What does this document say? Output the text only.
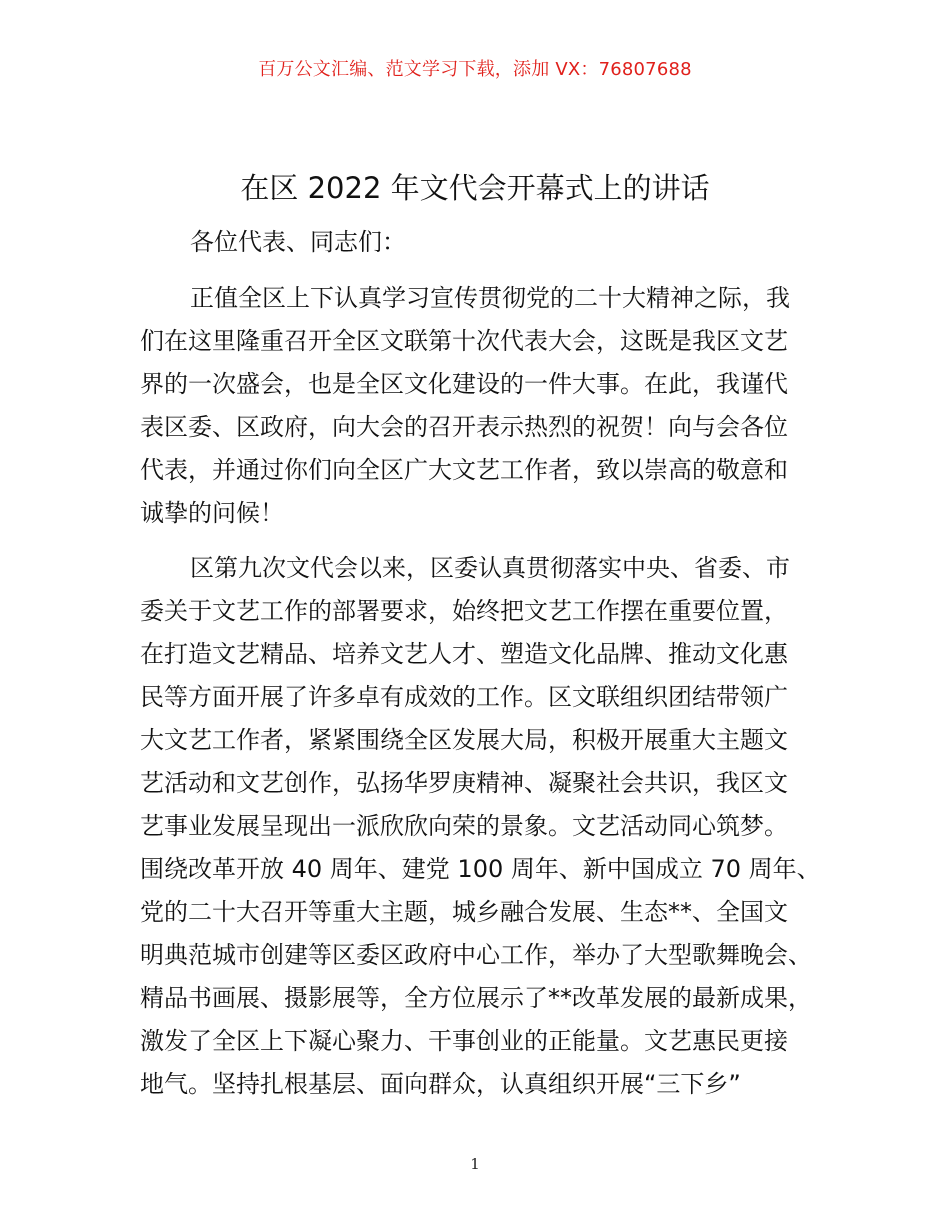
百万公文汇编、范文学习下载，添加 VX：76807688
在区 2022 年文代会开幕式上的讲话
各位代表、同志们：
正值全区上下认真学习宣传贯彻党的二十大精神之际，我
们在这里隆重召开全区文联第十次代表大会，这既是我区文艺
界的一次盛会，也是全区文化建设的一件大事。在此，我谨代
表区委、区政府，向大会的召开表示热烈的祝贺！向与会各位
代表，并通过你们向全区广大文艺工作者，致以崇高的敬意和
诚挚的问候！
区第九次文代会以来，区委认真贯彻落实中央、省委、市
委关于文艺工作的部署要求，始终把文艺工作摆在重要位置，
在打造文艺精品、培养文艺人才、塑造文化品牌、推动文化惠
民等方面开展了许多卓有成效的工作。区文联组织团结带领广
大文艺工作者，紧紧围绕全区发展大局，积极开展重大主题文
艺活动和文艺创作，弘扬华罗庚精神、凝聚社会共识，我区文
艺事业发展呈现出一派欣欣向荣的景象。文艺活动同心筑梦。
围绕改革开放 40 周年、建党 100 周年、新中国成立 70 周年、
党的二十大召开等重大主题，城乡融合发展、生态**、全国文
明典范城市创建等区委区政府中心工作，举办了大型歌舞晚会、
精品书画展、摄影展等，全方位展示了**改革发展的最新成果，
激发了全区上下凝心聚力、干事创业的正能量。文艺惠民更接
地气。坚持扎根基层、面向群众，认真组织开展“三下乡”
1
